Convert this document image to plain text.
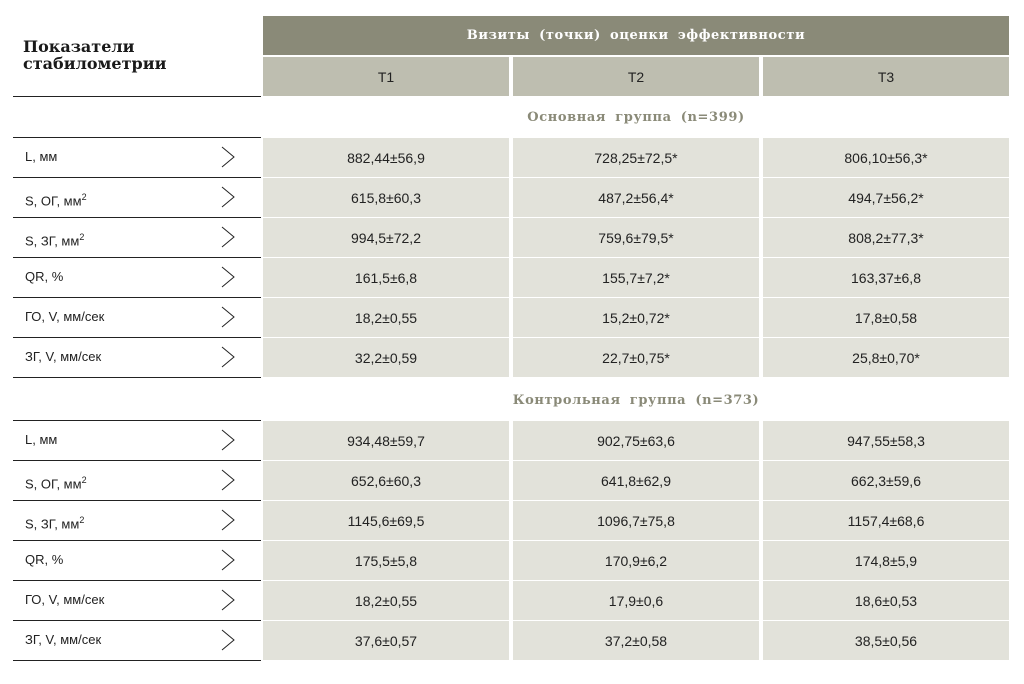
Показатели
стабилометрии
Визиты (точки) оценки эффективности
T1	T2	T3
Основная группа (n=399)
L, мм	882,44±56,9	728,25±72,5*	806,10±56,3*
S, ОГ, $мм^2$	615,8±60,3	487,2±56,4*	494,7±56,2*
S, ЗГ, $мм^2$	994,5±72,2	759,6±79,5*	808,2±77,3*
QR, %	161,5±6,8	155,7±7,2*	163,37±6,8
ГО, V, мм/сек	18,2±0,55	15,2±0,72*	17,8±0,58
ЗГ, V, мм/сек	32,2±0,59	22,7±0,75*	25,8±0,70*
Контрольная группа (n=373)
L, мм	934,48±59,7	902,75±63,6	947,55±58,3
S, ОГ, $мм^2$	652,6±60,3	641,8±62,9	662,3±59,6
S, ЗГ, $мм^2$	1145,6±69,5	1096,7±75,8	1157,4±68,6
QR, %	175,5±5,8	170,9±6,2	174,8±5,9
ГО, V, мм/сек	18,2±0,55	17,9±0,6	18,6±0,53
ЗГ, V, мм/сек	37,6±0,57	37,2±0,58	38,5±0,56
